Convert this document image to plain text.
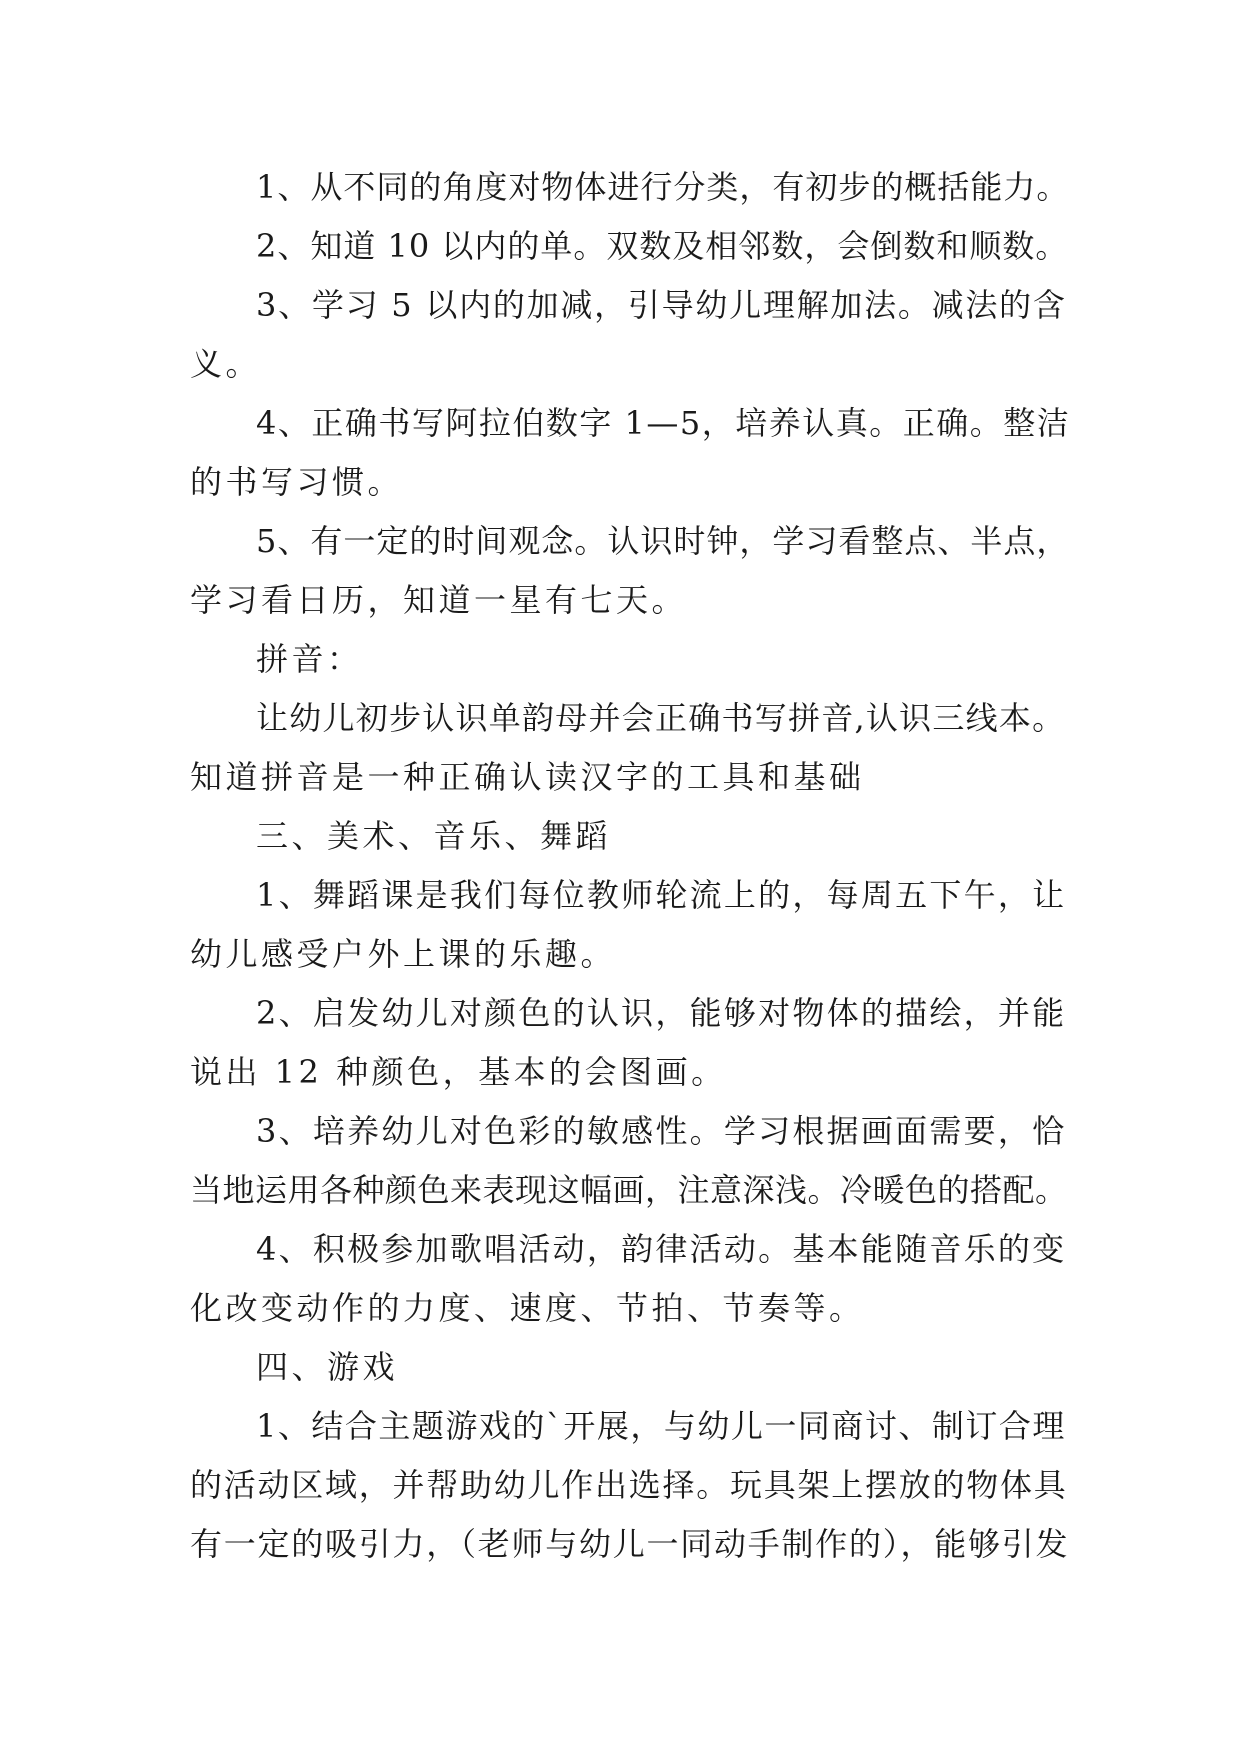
1、从不同的角度对物体进行分类，有初步的概括能力。
2、知道 10 以内的单。双数及相邻数，会倒数和顺数。
3、学习 5 以内的加减，引导幼儿理解加法。减法的含
义。
4、正确书写阿拉伯数字 1—5，培养认真。正确。整洁
的书写习惯。
5、有一定的时间观念。认识时钟，学习看整点、半点，
学习看日历，知道一星有七天。
拼音：
让幼儿初步认识单韵母并会正确书写拼音,认识三线本。
知道拼音是一种正确认读汉字的工具和基础
三、美术、音乐、舞蹈
1、舞蹈课是我们每位教师轮流上的，每周五下午，让
幼儿感受户外上课的乐趣。
2、启发幼儿对颜色的认识，能够对物体的描绘，并能
说出 12 种颜色，基本的会图画。
3、培养幼儿对色彩的敏感性。学习根据画面需要，恰
当地运用各种颜色来表现这幅画，注意深浅。冷暖色的搭配。
4、积极参加歌唱活动，韵律活动。基本能随音乐的变
化改变动作的力度、速度、节拍、节奏等。
四、游戏
1、结合主题游戏的`开展，与幼儿一同商讨、制订合理
的活动区域，并帮助幼儿作出选择。玩具架上摆放的物体具
有一定的吸引力，（老师与幼儿一同动手制作的），能够引发
